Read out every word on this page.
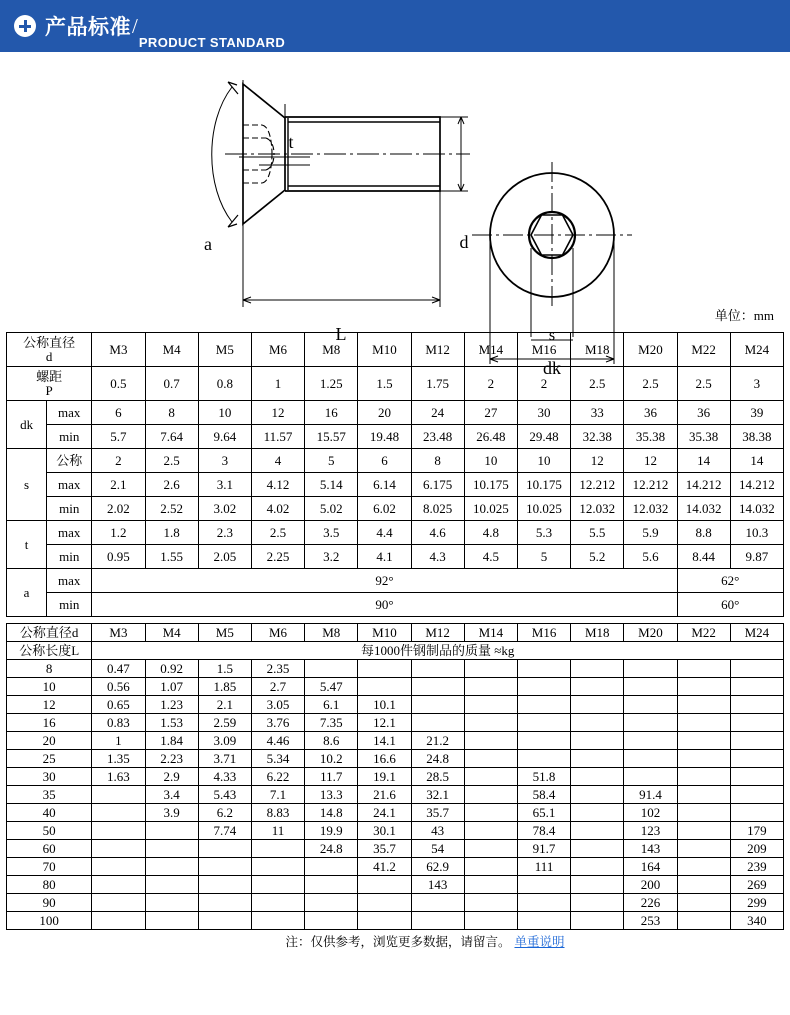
产品标准 /
PRODUCT STANDARD
t
a	d
L	s
dk
单位：mm
公称直径
d		M3	M4	M5	M6	M8	M10	M12	M14	M16	M18	M20	M22	M24
螺距
P		0.5	0.7	0.8	1	1.25	1.5	1.75	2	2	2.5	2.5	2.5	3
dk	max	6	8	10	12	16	20	24	27	30	33	36	36	39
	min	5.7	7.64	9.64	11.57	15.57	19.48	23.48	26.48	29.48	32.38	35.38	35.38	38.38
s	公称	2	2.5	3	4	5	6	8	10	10	12	12	14	14
	max	2.1	2.6	3.1	4.12	5.14	6.14	6.175	10.175	10.175	12.212	12.212	14.212	14.212
	min	2.02	2.52	3.02	4.02	5.02	6.02	8.025	10.025	10.025	12.032	12.032	14.032	14.032
t	max	1.2	1.8	2.3	2.5	3.5	4.4	4.6	4.8	5.3	5.5	5.9	8.8	10.3
	min	0.95	1.55	2.05	2.25	3.2	4.1	4.3	4.5	5	5.2	5.6	8.44	9.87
a	max	92°											62°	
	min	90°											60°	
公称直径d	M3	M4	M5	M6	M8	M10	M12	M14	M16	M18	M20	M22	M24
公称长度L	每1000件钢制品的质量 ≈kg												
8	0.47	0.92	1.5	2.35									
10	0.56	1.07	1.85	2.7	5.47								
12	0.65	1.23	2.1	3.05	6.1	10.1							
16	0.83	1.53	2.59	3.76	7.35	12.1							
20	1	1.84	3.09	4.46	8.6	14.1	21.2						
25	1.35	2.23	3.71	5.34	10.2	16.6	24.8						
30	1.63	2.9	4.33	6.22	11.7	19.1	28.5		51.8				
35		3.4	5.43	7.1	13.3	21.6	32.1		58.4		91.4		
40		3.9	6.2	8.83	14.8	24.1	35.7		65.1		102		
50			7.74	11	19.9	30.1	43		78.4		123		179
60					24.8	35.7	54		91.7		143		209
70						41.2	62.9		111		164		239
80							143				200		269
90											226		299
100											253		340
注：仅供参考，浏览更多数据，请留言。 单重说明
